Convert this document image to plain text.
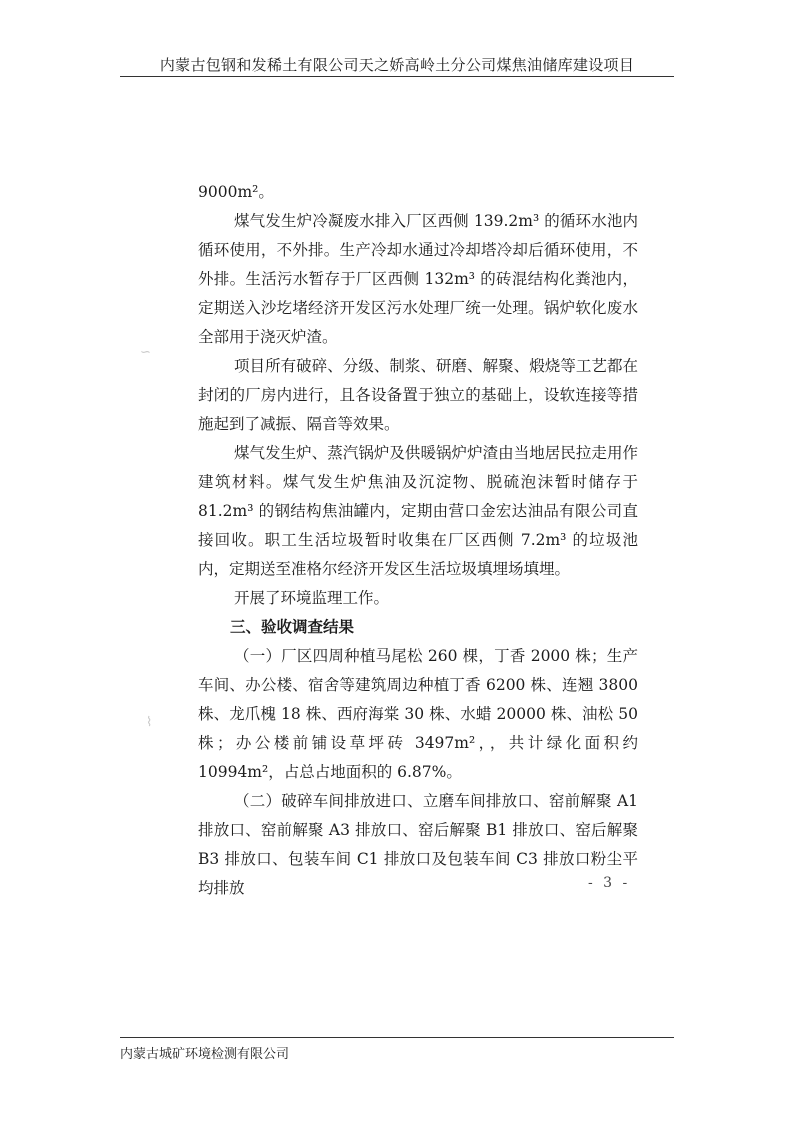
内蒙古包钢和发稀土有限公司天之娇高岭土分公司煤焦油储库建设项目
∽
⌇

9000m²。

煤气发生炉冷凝废水排入厂区西侧 139.2m³ 的循环水池内循环使用，不外排。生产冷却水通过冷却塔冷却后循环使用，不外排。生活污水暂存于厂区西侧 132m³ 的砖混结构化粪池内，定期送入沙圪堵经济开发区污水处理厂统一处理。锅炉软化废水全部用于浇灭炉渣。

项目所有破碎、分级、制浆、研磨、解聚、煅烧等工艺都在封闭的厂房内进行，且各设备置于独立的基础上，设软连接等措施起到了减振、隔音等效果。

煤气发生炉、蒸汽锅炉及供暖锅炉炉渣由当地居民拉走用作建筑材料。煤气发生炉焦油及沉淀物、脱硫泡沫暂时储存于 81.2m³ 的钢结构焦油罐内，定期由营口金宏达油品有限公司直接回收。职工生活垃圾暂时收集在厂区西侧 7.2m³ 的垃圾池内，定期送至准格尔经济开发区生活垃圾填埋场填埋。

开展了环境监理工作。

三、验收调查结果

（一）厂区四周种植马尾松 260 棵，丁香 2000 株；生产车间、办公楼、宿舍等建筑周边种植丁香 6200 株、连翘 3800 株、龙爪槐 18 株、西府海棠 30 株、水蜡 20000 株、油松 50 株；办公楼前铺设草坪砖 3497m²，，共计绿化面积约 10994m²，占总占地面积的 6.87%。

（二）破碎车间排放进口、立磨车间排放口、窑前解聚 A1 排放口、窑前解聚 A3 排放口、窑后解聚 B1 排放口、窑后解聚 B3 排放口、包装车间 C1 排放口及包装车间 C3 排放口粉尘平均排放	- 3 -
内蒙古城矿环境检测有限公司
